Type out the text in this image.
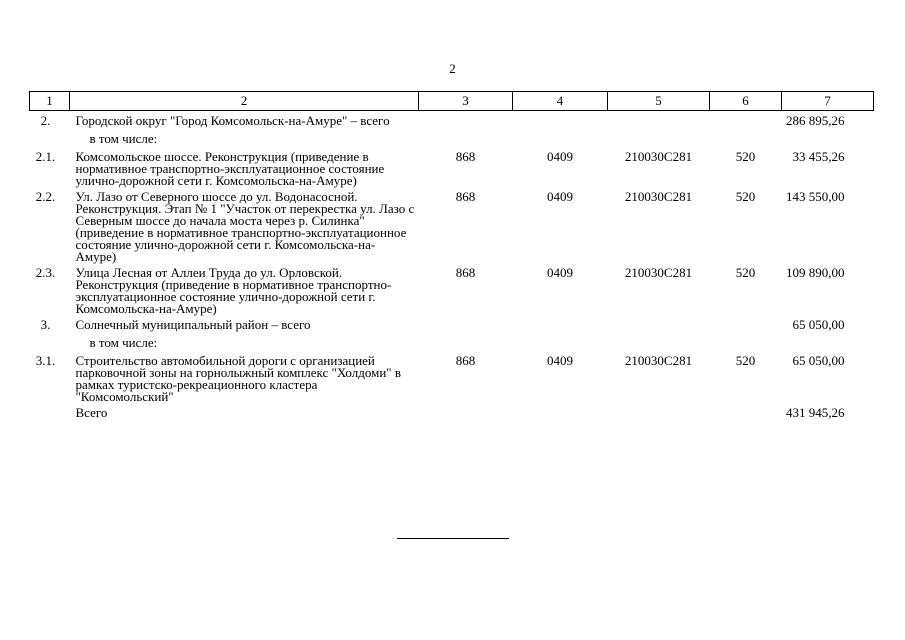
2
1	2	3	4	5	6	7
2.	Городской округ "Город Комсомольск-на-Амуре" – всего					286 895,26
	в том числе:					
2.1.	Комсомольское шоссе. Реконструкция (приведение в нормативное транспортно-эксплуатационное состояние улично-дорожной сети г. Комсомольска-на-Амуре)	868	0409	210030С281	520	33 455,26
2.2.	Ул. Лазо от Северного шоссе до ул. Водонасосной. Реконструкция. Этап № 1 "Участок от перекрестка ул. Лазо с Северным шоссе до начала моста через р. Силинка" (приведение в нормативное транспортно-эксплуатационное состояние улично-дорожной сети г. Комсомольска-на-Амуре)	868	0409	210030С281	520	143 550,00
2.3.	Улица Лесная от Аллеи Труда до ул. Орловской. Реконструкция (приведение в нормативное транспортно-эксплуатационное состояние улично-дорожной сети г. Комсомольска-на-Амуре)	868	0409	210030С281	520	109 890,00
3.	Солнечный муниципальный район – всего					65 050,00
	в том числе:					
3.1.	Строительство автомобильной дороги с организацией парковочной зоны на горнолыжный комплекс "Холдоми" в рамках туристско-рекреационного кластера "Комсомольский"	868	0409	210030С281	520	65 050,00
	Всего					431 945,26
